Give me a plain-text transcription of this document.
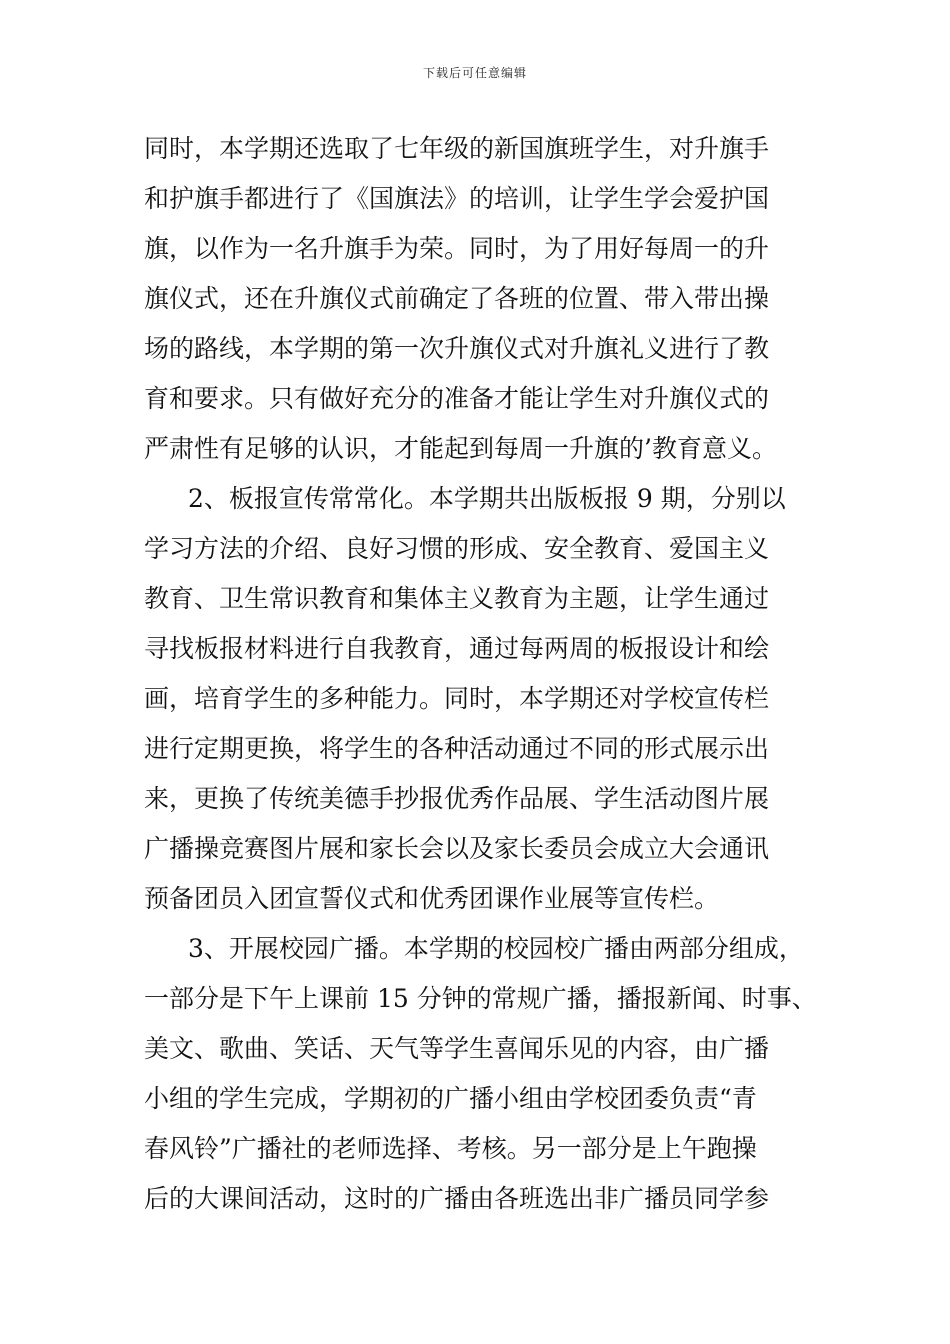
下载后可任意编辑
同时，本学期还选取了七年级的新国旗班学生，对升旗手
和护旗手都进行了《国旗法》的培训，让学生学会爱护国
旗，以作为一名升旗手为荣。同时，为了用好每周一的升
旗仪式，还在升旗仪式前确定了各班的位置、带入带出操
场的路线，本学期的第一次升旗仪式对升旗礼义进行了教
育和要求。只有做好充分的准备才能让学生对升旗仪式的
严肃性有足够的认识，才能起到每周一升旗的’教育意义。
2、板报宣传常常化。本学期共出版板报 9 期，分别以
学习方法的介绍、良好习惯的形成、安全教育、爱国主义
教育、卫生常识教育和集体主义教育为主题，让学生通过
寻找板报材料进行自我教育，通过每两周的板报设计和绘
画，培育学生的多种能力。同时，本学期还对学校宣传栏
进行定期更换，将学生的各种活动通过不同的形式展示出
来，更换了传统美德手抄报优秀作品展、学生活动图片展
广播操竞赛图片展和家长会以及家长委员会成立大会通讯
预备团员入团宣誓仪式和优秀团课作业展等宣传栏。
3、开展校园广播。本学期的校园校广播由两部分组成，
一部分是下午上课前 15 分钟的常规广播，播报新闻、时事、
美文、歌曲、笑话、天气等学生喜闻乐见的内容，由广播
小组的学生完成，学期初的广播小组由学校团委负责“青
春风铃”广播社的老师选择、考核。另一部分是上午跑操
后的大课间活动，这时的广播由各班选出非广播员同学参
